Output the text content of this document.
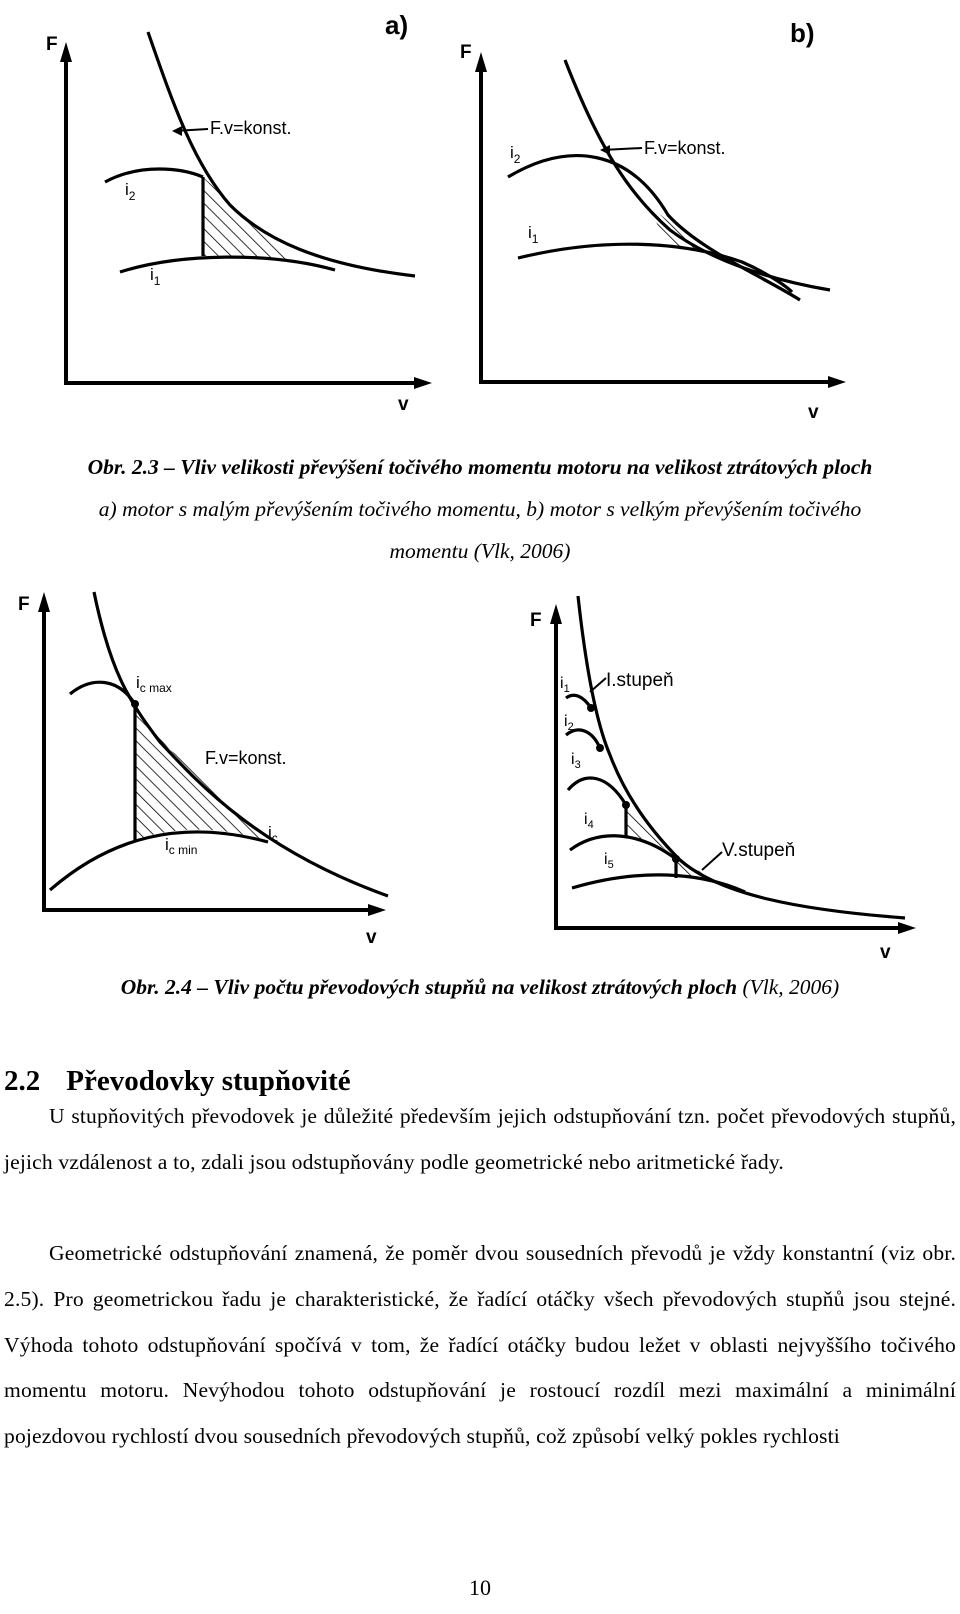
a)
F
v
F.v=konst.
$i_2$
$i_1$
b)
F
v
F.v=konst.
$i_2$
$i_1$

Obr. 2.3 – Vliv velikosti převýšení točivého momentu motoru na velikost ztrátových ploch

a) motor s malým převýšením točivého momentu, b) motor s velkým převýšením točivého

momentu (Vlk, 2006)

F
v
$i_{c max}$
F.v=konst.
$i_c$
$i_{c min}$
F
v
I.stupeň
V.stupeň
$i_1$
$i_2$
$i_3$
$i_4$
$i_5$

Obr. 2.4 – Vliv počtu převodových stupňů na velikost ztrátových ploch (Vlk, 2006)

2.2 Převodovky stupňovité

U stupňovitých převodovek je důležité především jejich odstupňování tzn. počet převodových stupňů, jejich vzdálenost a to, zdali jsou odstupňovány podle geometrické nebo aritmetické řady.

Geometrické odstupňování znamená, že poměr dvou sousedních převodů je vždy konstantní (viz obr. 2.5). Pro geometrickou řadu je charakteristické, že řadící otáčky všech převodových stupňů jsou stejné. Výhoda tohoto odstupňování spočívá v tom, že řadící otáčky budou ležet v oblasti nejvyššího točivého momentu motoru. Nevýhodou tohoto odstupňování je rostoucí rozdíl mezi maximální a minimální pojezdovou rychlostí dvou sousedních převodových stupňů, což způsobí velký pokles rychlosti

10
